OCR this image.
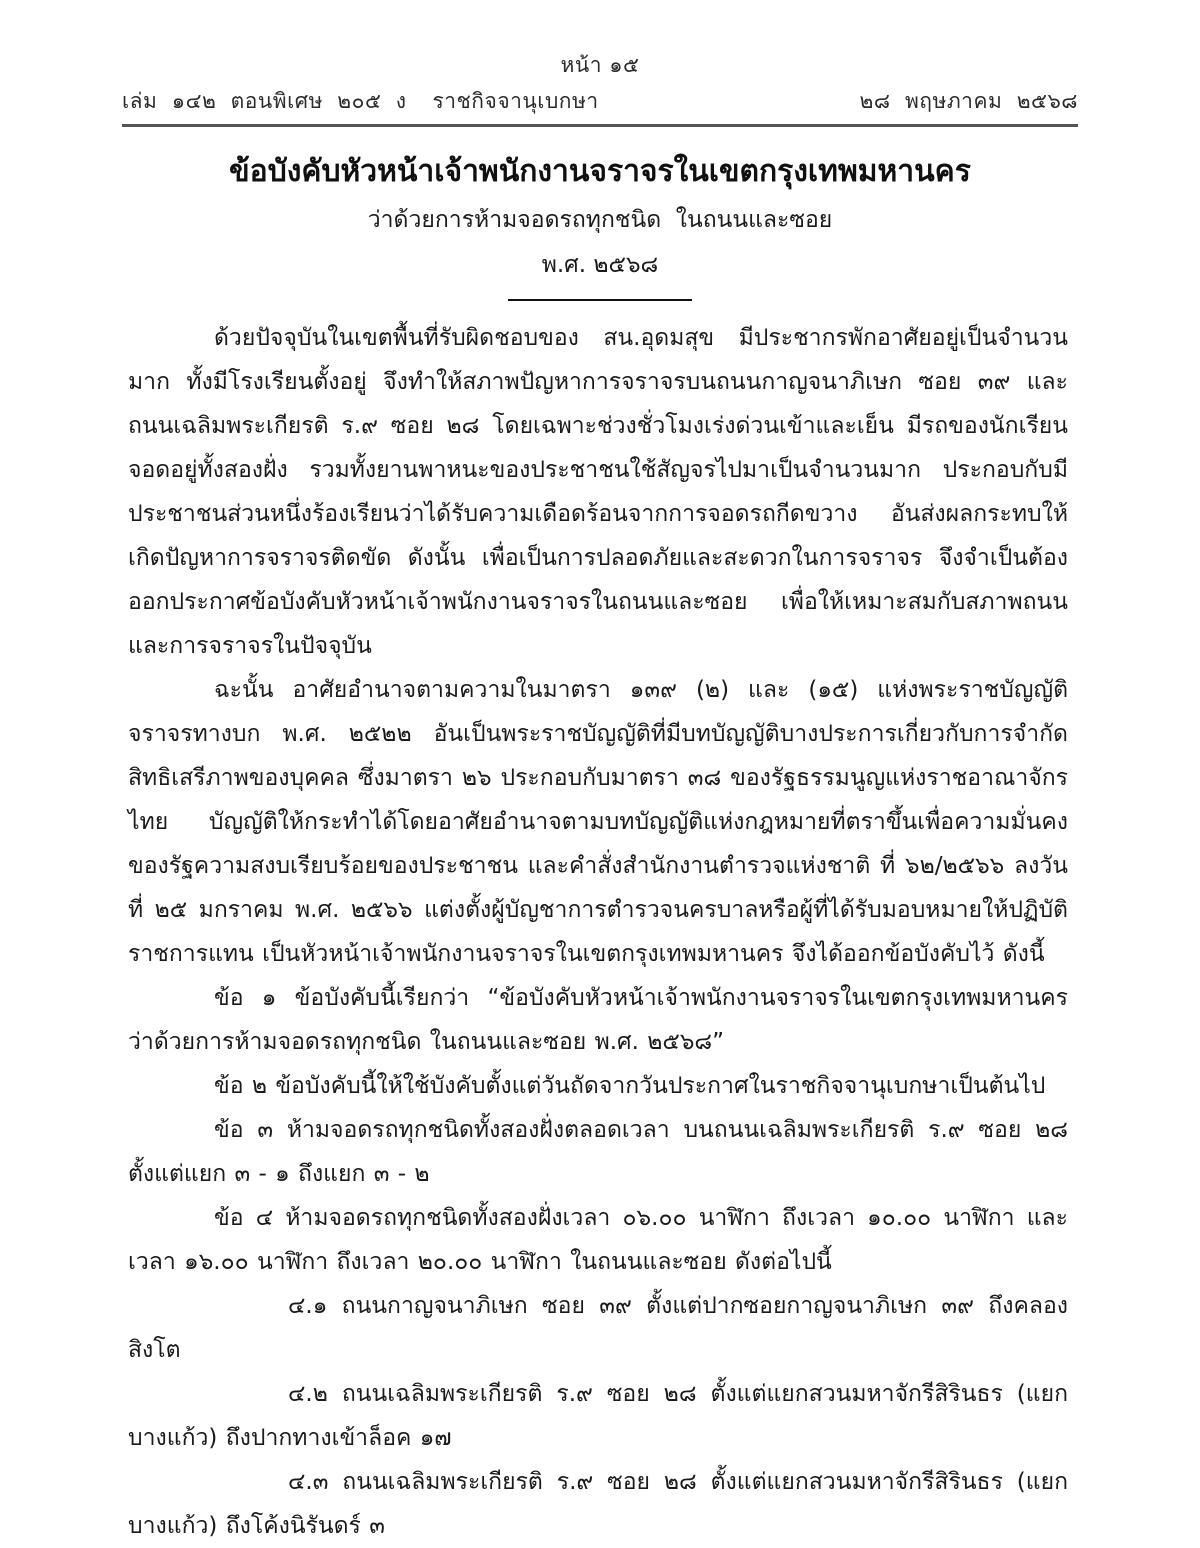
หน้า ๑๕
เล่ม  ๑๔๒  ตอนพิเศษ  ๒๐๕  ง ราชกิจจานุเบกษา	๒๘  พฤษภาคม  ๒๕๖๘
ข้อบังคับหัวหน้าเจ้าพนักงานจราจรในเขตกรุงเทพมหานคร
ว่าด้วยการห้ามจอดรถทุกชนิด  ในถนนและซอย
พ.ศ. ๒๕๖๘

ด้วยปัจจุบันในเขตพื้นที่รับผิดชอบของ สน.อุดมสุข มีประชากรพักอาศัยอยู่เป็นจำนวนมาก ทั้งมีโรงเรียนตั้งอยู่ จึงทำให้สภาพปัญหาการจราจรบนถนนกาญจนาภิเษก ซอย ๓๙ และถนนเฉลิมพระเกียรติ ร.๙ ซอย ๒๘ โดยเฉพาะช่วงชั่วโมงเร่งด่วนเข้าและเย็น มีรถของนักเรียนจอดอยู่ทั้งสองฝั่ง รวมทั้งยานพาหนะของประชาชนใช้สัญจรไปมาเป็นจำนวนมาก ประกอบกับมีประชาชนส่วนหนึ่งร้องเรียนว่าได้รับความเดือดร้อนจากการจอดรถกีดขวาง อันส่งผลกระทบให้เกิดปัญหาการจราจรติดขัด ดังนั้น เพื่อเป็นการปลอดภัยและสะดวกในการจราจร จึงจำเป็นต้องออกประกาศข้อบังคับหัวหน้าเจ้าพนักงานจราจรในถนนและซอย เพื่อให้เหมาะสมกับสภาพถนนและการจราจรในปัจจุบัน

ฉะนั้น อาศัยอำนาจตามความในมาตรา ๑๓๙ (๒) และ (๑๕) แห่งพระราชบัญญัติจราจรทางบก พ.ศ. ๒๕๒๒ อันเป็นพระราชบัญญัติที่มีบทบัญญัติบางประการเกี่ยวกับการจำกัดสิทธิเสรีภาพของบุคคล ซึ่งมาตรา ๒๖ ประกอบกับมาตรา ๓๘ ของรัฐธรรมนูญแห่งราชอาณาจักรไทย บัญญัติให้กระทำได้โดยอาศัยอำนาจตามบทบัญญัติแห่งกฎหมายที่ตราขึ้นเพื่อความมั่นคงของรัฐความสงบเรียบร้อยของประชาชน และคำสั่งสำนักงานตำรวจแห่งชาติ ที่ ๖๒/๒๕๖๖ ลงวันที่ ๒๕ มกราคม พ.ศ. ๒๕๖๖ แต่งตั้งผู้บัญชาการตำรวจนครบาลหรือผู้ที่ได้รับมอบหมายให้ปฏิบัติราชการแทน เป็นหัวหน้าเจ้าพนักงานจราจรในเขตกรุงเทพมหานคร จึงได้ออกข้อบังคับไว้ ดังนี้

ข้อ ๑ ข้อบังคับนี้เรียกว่า “ข้อบังคับหัวหน้าเจ้าพนักงานจราจรในเขตกรุงเทพมหานคร ว่าด้วยการห้ามจอดรถทุกชนิด ในถนนและซอย พ.ศ. ๒๕๖๘”

ข้อ ๒ ข้อบังคับนี้ให้ใช้บังคับตั้งแต่วันถัดจากวันประกาศในราชกิจจานุเบกษาเป็นต้นไป

ข้อ ๓ ห้ามจอดรถทุกชนิดทั้งสองฝั่งตลอดเวลา บนถนนเฉลิมพระเกียรติ ร.๙ ซอย ๒๘ ตั้งแต่แยก ๓ - ๑ ถึงแยก ๓ - ๒

ข้อ ๔ ห้ามจอดรถทุกชนิดทั้งสองฝั่งเวลา ๐๖.๐๐ นาฬิกา ถึงเวลา ๑๐.๐๐ นาฬิกา และเวลา ๑๖.๐๐ นาฬิกา ถึงเวลา ๒๐.๐๐ นาฬิกา ในถนนและซอย ดังต่อไปนี้

๔.๑ ถนนกาญจนาภิเษก ซอย ๓๙ ตั้งแต่ปากซอยกาญจนาภิเษก ๓๙ ถึงคลองสิงโต

๔.๒ ถนนเฉลิมพระเกียรติ ร.๙ ซอย ๒๘ ตั้งแต่แยกสวนมหาจักรีสิรินธร (แยกบางแก้ว) ถึงปากทางเข้าล็อค ๑๗

๔.๓ ถนนเฉลิมพระเกียรติ ร.๙ ซอย ๒๘ ตั้งแต่แยกสวนมหาจักรีสิรินธร (แยกบางแก้ว) ถึงโค้งนิรันดร์ ๓
